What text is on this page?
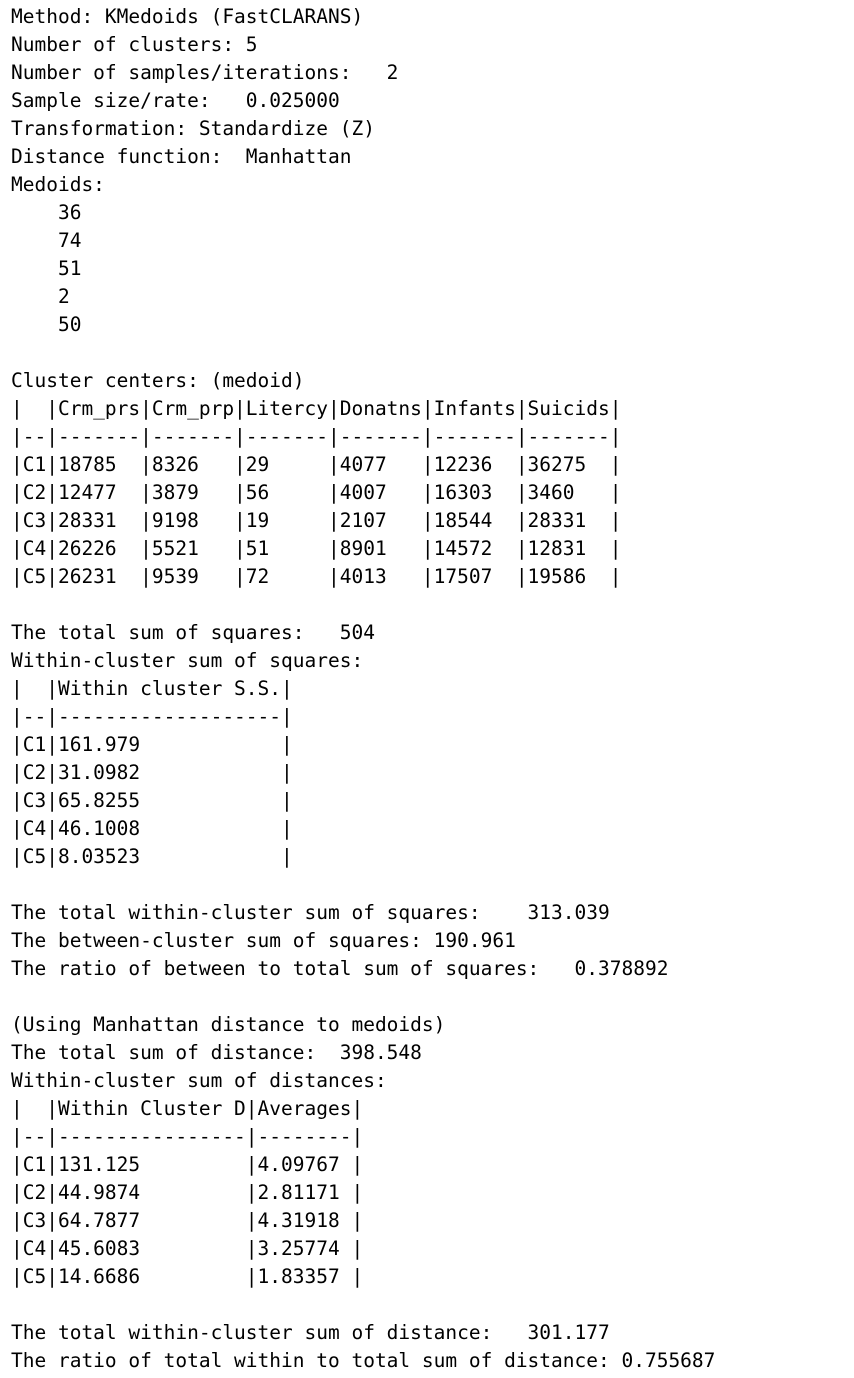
Method: KMedoids (FastCLARANS)
Number of clusters: 5
Number of samples/iterations:   2
Sample size/rate:   0.025000
Transformation: Standardize (Z)
Distance function:  Manhattan
Medoids:
36
74
51
2
50
Cluster centers: (medoid)
|  |Crm_prs|Crm_prp|Litercy|Donatns|Infants|Suicids|
|--|-------|-------|-------|-------|-------|-------|
|C1|18785  |8326   |29     |4077   |12236  |36275  |
|C2|12477  |3879   |56     |4007   |16303  |3460   |
|C3|28331  |9198   |19     |2107   |18544  |28331  |
|C4|26226  |5521   |51     |8901   |14572  |12831  |
|C5|26231  |9539   |72     |4013   |17507  |19586  |
The total sum of squares:   504
Within-cluster sum of squares:
|  |Within cluster S.S.|
|--|-------------------|
|C1|161.979            |
|C2|31.0982            |
|C3|65.8255            |
|C4|46.1008            |
|C5|8.03523            |
The total within-cluster sum of squares:    313.039
The between-cluster sum of squares: 190.961
The ratio of between to total sum of squares:   0.378892
(Using Manhattan distance to medoids)
The total sum of distance:  398.548
Within-cluster sum of distances:
|  |Within Cluster D|Averages|
|--|----------------|--------|
|C1|131.125         |4.09767 |
|C2|44.9874         |2.81171 |
|C3|64.7877         |4.31918 |
|C4|45.6083         |3.25774 |
|C5|14.6686         |1.83357 |
The total within-cluster sum of distance:   301.177
The ratio of total within to total sum of distance: 0.755687
